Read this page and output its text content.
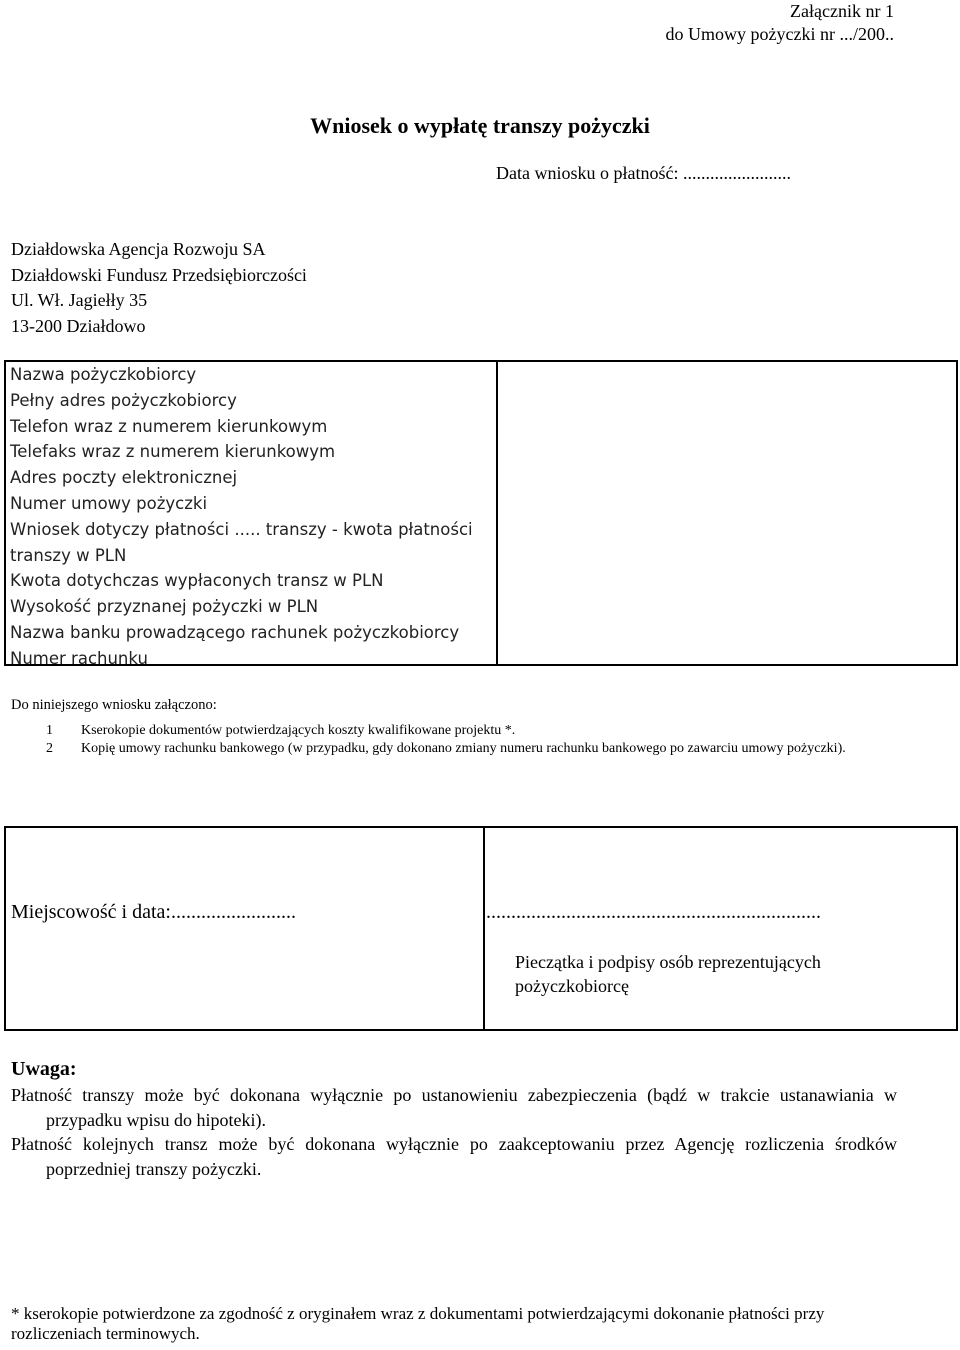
Załącznik nr 1
do Umowy pożyczki nr .../200..
Wniosek o wypłatę transzy pożyczki
Data wniosku o płatność: ........................
Działdowska Agencja Rozwoju SA
Działdowski Fundusz Przedsiębiorczości
Ul. Wł. Jagiełły 35
13-200 Działdowo
Nazwa pożyczkobiorcy
Pełny adres pożyczkobiorcy
Telefon wraz z numerem kierunkowym
Telefaks wraz z numerem kierunkowym
Adres poczty elektronicznej
Numer umowy pożyczki
Wniosek dotyczy płatności ..... transzy - kwota płatności transzy w PLN
Kwota dotychczas wypłaconych transz w PLN
Wysokość przyznanej pożyczki w PLN
Nazwa banku prowadzącego rachunek pożyczkobiorcy
Numer rachunku
Do niniejszego wniosku załączono:
1 Kserokopie dokumentów potwierdzających koszty kwalifikowane projektu *.
2 Kopię umowy rachunku bankowego (w przypadku, gdy dokonano zmiany numeru rachunku bankowego po zawarciu umowy pożyczki).
Miejscowość i data:.........................	...................................................................
Pieczątka i podpisy osób reprezentujących pożyczkobiorcę
Uwaga:
Płatność transzy może być dokonana wyłącznie po ustanowieniu zabezpieczenia (bądź w trakcie ustanawiania w przypadku wpisu do hipoteki).
Płatność kolejnych transz może być dokonana wyłącznie po zaakceptowaniu przez Agencję rozliczenia środków poprzedniej transzy pożyczki.
* kserokopie potwierdzone za zgodność z oryginałem wraz z dokumentami potwierdzającymi dokonanie płatności przy rozliczeniach terminowych.
